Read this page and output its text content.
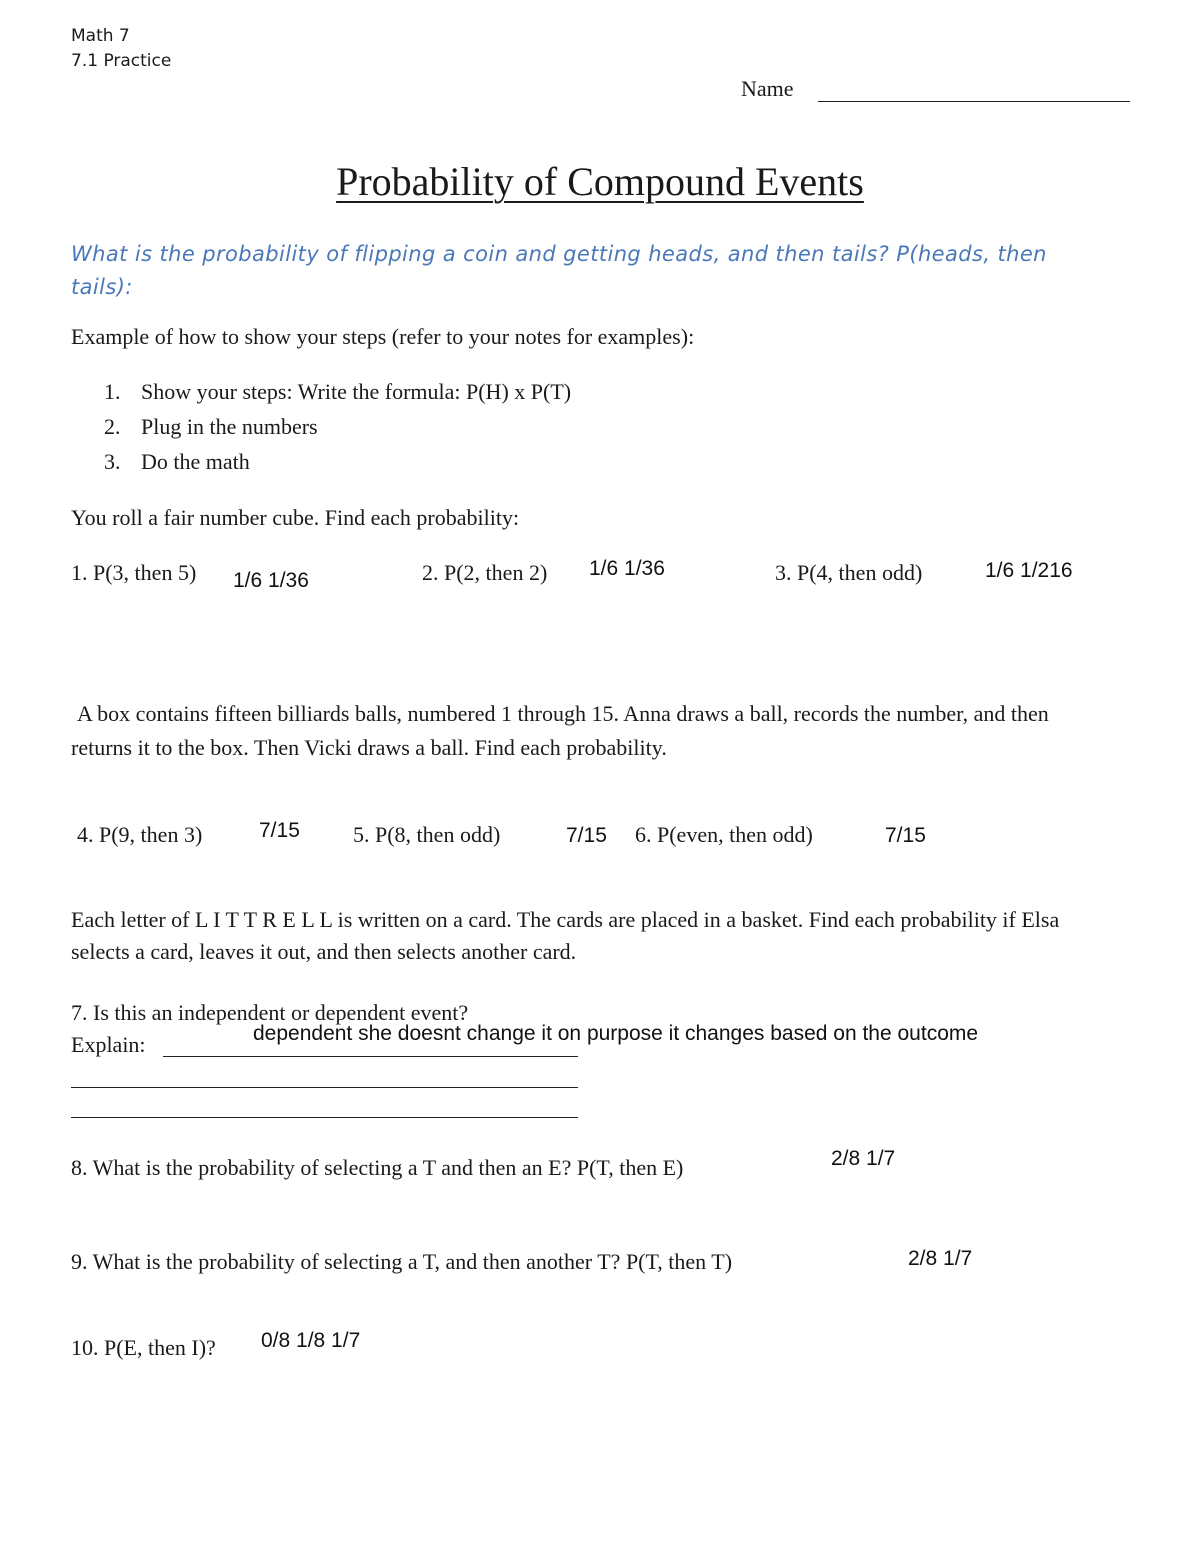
Math 7
7.1 Practice
Name
Probability of Compound Events
What is the probability of flipping a coin and getting heads, and then tails? P(heads, then tails):
Example of how to show your steps (refer to your notes for examples):
1. Show your steps: Write the formula: P(H) x P(T)
2. Plug in the numbers
3. Do the math
You roll a fair number cube. Find each probability:
1. P(3, then 5) 1/6 1/36	2. P(2, then 2) 1/6 1/36	3. P(4, then odd)	1/6 1/216
A box contains fifteen billiards balls, numbered 1 through 15. Anna draws a ball, records the number, and then returns it to the box. Then Vicki draws a ball. Find each probability.
4. P(9, then 3)	7/15 5. P(8, then odd)	7/15 6. P(even, then odd)	7/15
Each letter of L I T T R E L L is written on a card. The cards are placed in a basket. Find each probability if Elsa selects a card, leaves it out, and then selects another card.
7. Is this an independent or dependent event?
Explain:	dependent she doesnt change it on purpose it changes based on the outcome
8. What is the probability of selecting a T and then an E? P(T, then E)	2/8 1/7
9. What is the probability of selecting a T, and then another T? P(T, then T)	2/8 1/7
10. P(E, then I)? 0/8 1/8 1/7
